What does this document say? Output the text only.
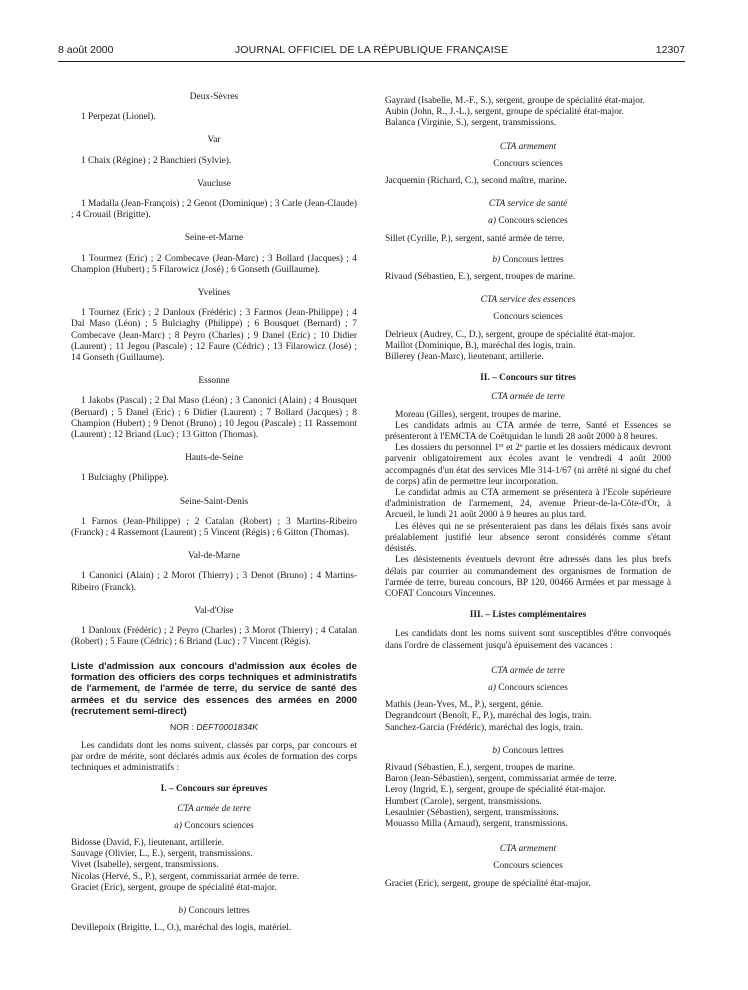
8 août 2000	JOURNAL OFFICIEL DE LA RÉPUBLIQUE FRANÇAISE	12307
Deux-Sèvres

1 Perpezat (Lionel).

Var

1 Chaix (Régine) ; 2 Banchieri (Sylvie).

Vaucluse

1 Madalla (Jean-François) ; 2 Genot (Dominique) ; 3 Carle (Jean-Claude) ; 4 Crouail (Brigitte).

Seine-et-Marne

1 Tourmez (Eric) ; 2 Combecave (Jean-Marc) ; 3 Bollard (Jacques) ; 4 Champion (Hubert) ; 5 Filarowicz (José) ; 6 Gonseth (Guillaume).

Yvelines

1 Tournez (Eric) ; 2 Danloux (Frédéric) ; 3 Farmos (Jean-Philippe) ; 4 Dal Maso (Léon) ; 5 Bulciaghy (Philippe) ; 6 Bousquet (Bernard) ; 7 Combecave (Jean-Marc) ; 8 Peyro (Charles) ; 9 Danel (Eric) ; 10 Didier (Laurent) ; 11 Jegou (Pascale) ; 12 Faure (Cédric) ; 13 Filarowicz (José) ; 14 Gonseth (Guillaume).

Essonne

1 Jakobs (Pascal) ; 2 Dal Maso (Léon) ; 3 Canonici (Alain) ; 4 Bousquet (Bernard) ; 5 Danel (Eric) ; 6 Didier (Laurent) ; 7 Bollard (Jacques) ; 8 Champion (Hubert) ; 9 Denot (Bruno) ; 10 Jegou (Pascale) ; 11 Rassemont (Laurent) ; 12 Briand (Luc) ; 13 Gitton (Thomas).

Hauts-de-Seine

1 Bulciaghy (Philippe).

Seine-Saint-Denis

1 Farnos (Jean-Philippe) ; 2 Catalan (Robert) ; 3 Martins-Ribeiro (Franck) ; 4 Rassemont (Laurent) ; 5 Vincent (Régis) ; 6 Gitton (Thomas).

Val-de-Marne

1 Canonici (Alain) ; 2 Morot (Thierry) ; 3 Denot (Bruno) ; 4 Martins-Ribeiro (Franck).

Val-d'Oise

1 Danloux (Frédéric) ; 2 Peyro (Charles) ; 3 Morot (Thierry) ; 4 Catalan (Robert) ; 5 Faure (Cédric) ; 6 Briand (Luc) ; 7 Vincent (Régis).

Liste d'admission aux concours d'admission aux écoles de formation des officiers des corps techniques et administratifs de l'armement, de l'armée de terre, du service de santé des armées et du service des essences des armées en 2000 (recrutement semi-direct)
NOR : DEFT0001834K

Les candidats dont les noms suivent, classés par corps, par concours et par ordre de mérite, sont déclarés admis aux écoles de formation des corps techniques et administratifs :

I. – Concours sur épreuves
CTA armée de terre
a) Concours sciences

Bidosse (David, F.), lieutenant, artillerie.

Sauvage (Olivier, L., E.), sergent, transmissions.

Vivet (Isabelle), sergent, transmissions.

Nicolas (Hervé, S., P.), sergent, commissariat armée de terre.

Graciet (Eric), sergent, groupe de spécialité état-major.

b) Concours lettres

Devillepoix (Brigitte, L., O.), maréchal des logis, matériel.

Gayrard (Isabelle, M.-F., S.), sergent, groupe de spécialité état-major.

Aubin (John, R., J.-L.), sergent, groupe de spécialité état-major.

Balanca (Virginie, S.), sergent, transmissions.

CTA armement
Concours sciences

Jacquemin (Richard, C.), second maître, marine.

CTA service de santé
a) Concours sciences

Sillet (Cyrille, P.), sergent, santé armée de terre.

b) Concours lettres

Rivaud (Sébastien, E.), sergent, troupes de marine.

CTA service des essences
Concours sciences

Delrieux (Audrey, C., D.), sergent, groupe de spécialité état-major.

Maillot (Dominique, B.), maréchal des logis, train.

Billerey (Jean-Marc), lieutenant, artillerie.

II. – Concours sur titres
CTA armée de terre

Moreau (Gilles), sergent, troupes de marine.

Les candidats admis au CTA armée de terre, Santé et Essences se présenteront à l'EMCTA de Coëtquidan le lundi 28 août 2000 à 8 heures.

Les dossiers du personnel 1er et 2e partie et les dossiers médicaux devront parvenir obligatoirement aux écoles avant le vendredi 4 août 2000 accompagnés d'un état des services Mle 314-1/67 (ni arrêté ni signé du chef de corps) afin de permettre leur incorporation.

Le candidat admis au CTA armement se présentera à l'Ecole supérieure d'administration de l'armement, 24, avenue Prieur-de-la-Côte-d'Or, à Arcueil, le lundi 21 août 2000 à 9 heures au plus tard.

Les élèves qui ne se présenteraient pas dans les délais fixés sans avoir préalablement justifié leur absence seront considérés comme s'étant désistés.

Les désistements éventuels devront être adressés dans les plus brefs délais par courrier au commandement des organismes de formation de l'armée de terre, bureau concours, BP 120, 00466 Armées et par message à COFAT Concours Vincennes.

III. – Listes complémentaires

Les candidats dont les noms suivent sont susceptibles d'être convoqués dans l'ordre de classement jusqu'à épuisement des vacances :

CTA armée de terre
a) Concours sciences

Mathis (Jean-Yves, M., P.), sergent, génie.

Degrandcourt (Benoît, F., P.), maréchal des logis, train.

Sanchez-Garcia (Frédéric), maréchal des logis, train.

b) Concours lettres

Rivaud (Sébastien, E.), sergent, troupes de marine.

Baron (Jean-Sébastien), sergent, commissariat armée de terre.

Leroy (Ingrid, E.), sergent, groupe de spécialité état-major.

Humbert (Carole), sergent, transmissions.

Lesaulnier (Sébastien), sergent, transmissions.

Mouasso Milla (Arnaud), sergent, transmissions.

CTA armement
Concours sciences

Graciet (Eric), sergent, groupe de spécialité état-major.
